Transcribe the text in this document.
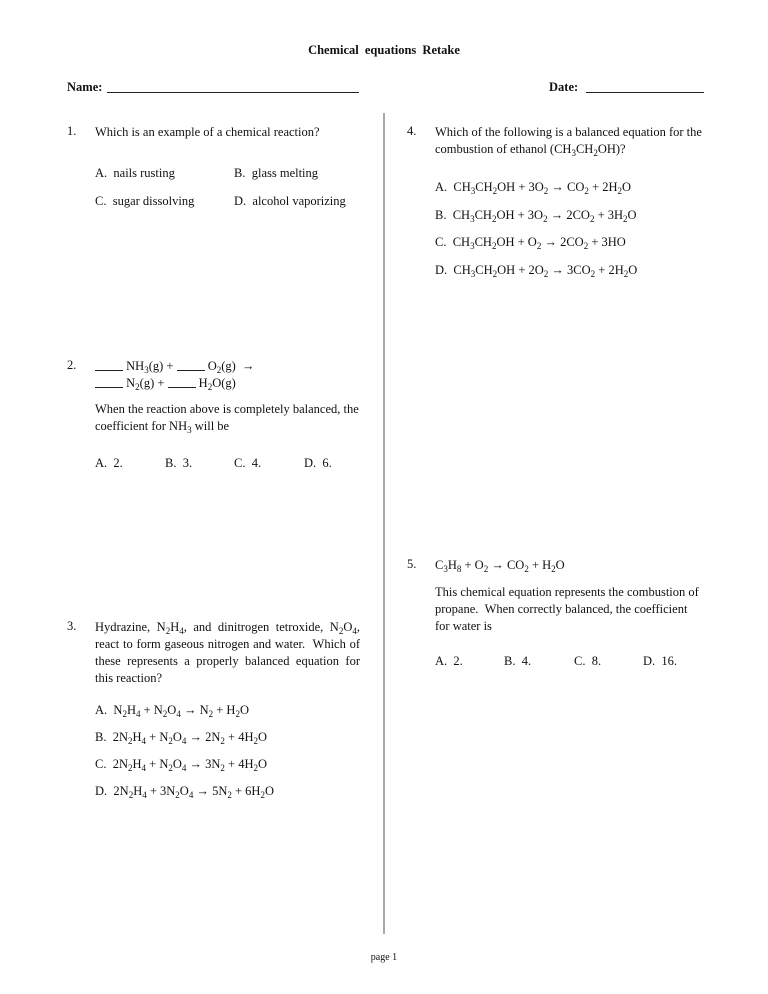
Chemical equations Retake
Name:	Date:
1. Which is an example of a chemical reaction?
A. nails rusting	B. glass melting
C. sugar dissolving	D. alcohol vaporizing
2.	$NH_3(g) + O_2(g)$  →
$N_2(g) + H_2O(g)$
When the reaction above is completely balanced, the coefficient for $NH_3$ will be
A. 2.	B. 3.	C. 4.	D. 6.
3. Hydrazine, $N_2H_4$, and dinitrogen tetroxide, $N_2O_4$, react to form gaseous nitrogen and water.  Which of these represents a properly balanced equation for this reaction?
A.  $N_2H_4 + N_2O_4 \to N_2 + H_2O$
B.  $2N_2H_4 + N_2O_4 \to 2N_2 + 4H_2O$
C.  $2N_2H_4 + N_2O_4 \to 3N_2 + 4H_2O$
D.  $2N_2H_4 + 3N_2O_4 \to 5N_2 + 6H_2O$
4. Which of the following is a balanced equation for the combustion of ethanol $(CH_3CH_2OH)$?
A.  $CH_3CH_2OH + 3O_2 \to CO_2 + 2H_2O$
B.  $CH_3CH_2OH + 3O_2 \to 2CO_2 + 3H_2O$
C.  $CH_3CH_2OH + O_2 \to 2CO_2 + 3HO$
D.  $CH_3CH_2OH + 2O_2 \to 3CO_2 + 2H_2O$
5. $C_3H_8 + O_2 \to CO_2 + H_2O$
This chemical equation represents the combustion of propane.  When correctly balanced, the coefficient for water is
A. 2.	B. 4.	C. 8.	D. 16.
page 1
